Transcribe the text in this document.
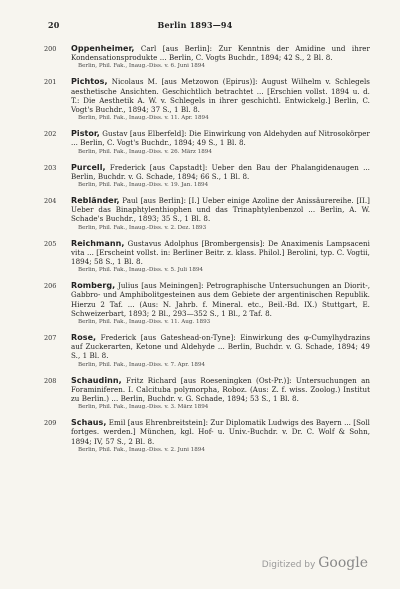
20	Berlin 1893—94
200	Oppenheimer, Carl [aus Berlin]: Zur Kenntnis der Amidine und ihrer Kondensationsprodukte ... Berlin, C. Vogts Buchdr., 1894; 42 S., 2 Bl. 8.
Berlin, Phil. Fak., Inaug.-Diss. v. 6. Juni 1894
201	Pichtos, Nicolaus M. [aus Metzowon (Epirus)]: August Wilhelm v. Schlegels aesthetische Ansichten. Geschichtlich betrachtet ... [Erschien vollst. 1894 u. d. T.: Die Aesthetik A. W. v. Schlegels in ihrer geschichtl. Entwickelg.] Berlin, C. Vogt's Buchdr., 1894; 37 S., 1 Bl. 8.
Berlin, Phil. Fak., Inaug.-Diss. v. 11. Apr. 1894
202	Pistor, Gustav [aus Elberfeld]: Die Einwirkung von Aldehyden auf Nitrosokörper ... Berlin, C. Vogt's Buchdr., 1894; 49 S., 1 Bl. 8.
Berlin, Phil. Fak., Inaug.-Diss. v. 26. März 1894
203	Purcell, Frederick [aus Capstadt]: Ueber den Bau der Phalangidenaugen ... Berlin, Buchdr. v. G. Schade, 1894; 66 S., 1 Bl. 8.
Berlin, Phil. Fak., Inaug.-Diss. v. 19. Jan. 1894
204	Rebländer, Paul [aus Berlin]: [I.] Ueber einige Azoline der Anissäurereihe. [II.] Ueber das Binaphtylenthiophen und das Trinaphtylenbenzol ... Berlin, A. W. Schade's Buchdr., 1893; 35 S., 1 Bl. 8.
Berlin, Phil. Fak., Inaug.-Diss. v. 2. Dez. 1893
205	Reichmann, Gustavus Adolphus [Brombergensis]: De Anaximenis Lampsaceni vita ... [Erscheint vollst. in: Berliner Beitr. z. klass. Philol.] Berolini, typ. C. Vogtii, 1894; 58 S., 1 Bl. 8.
Berlin, Phil. Fak., Inaug.-Diss. v. 5. Juli 1894
206	Romberg, Julius [aus Meiningen]: Petrographische Untersuchungen an Diorit-, Gabbro- und Amphibolitgesteinen aus dem Gebiete der argentinischen Republik. Hierzu 2 Taf. ... (Aus: N. Jahrb. f. Mineral. etc., Beil.-Bd. IX.) Stuttgart, E. Schweizerbart, 1893; 2 Bl., 293—352 S., 1 Bl., 2 Taf. 8.
Berlin, Phil. Fak., Inaug.-Diss. v. 11. Aug. 1893
207	Rose, Frederick [aus Gateshead-on-Tyne]: Einwirkung des φ-Cumylhydrazins auf Zuckerarten, Ketone und Aldehyde ... Berlin, Buchdr. v. G. Schade, 1894; 49 S., 1 Bl. 8.
Berlin, Phil. Fak., Inaug.-Diss. v. 7. Apr. 1894
208	Schaudinn, Fritz Richard [aus Roeseningken (Ost-Pr.)]: Untersuchungen an Foraminiferen. I. Calcituba polymorpha, Roboz. (Aus: Z. f. wiss. Zoolog.) Institut zu Berlin.) ... Berlin, Buchdr. v. G. Schade, 1894; 53 S., 1 Bl. 8.
Berlin, Phil. Fak., Inaug.-Diss. v. 3. März 1894
209	Schaus, Emil [aus Ehrenbreitstein]: Zur Diplomatik Ludwigs des Bayern ... [Soll fortges. werden.] München, kgl. Hof- u. Univ.-Buchdr. v. Dr. C. Wolf & Sohn, 1894; IV, 57 S., 2 Bl. 8.
Berlin, Phil. Fak., Inaug.-Diss. v. 2. Juni 1894
Digitized by Google
